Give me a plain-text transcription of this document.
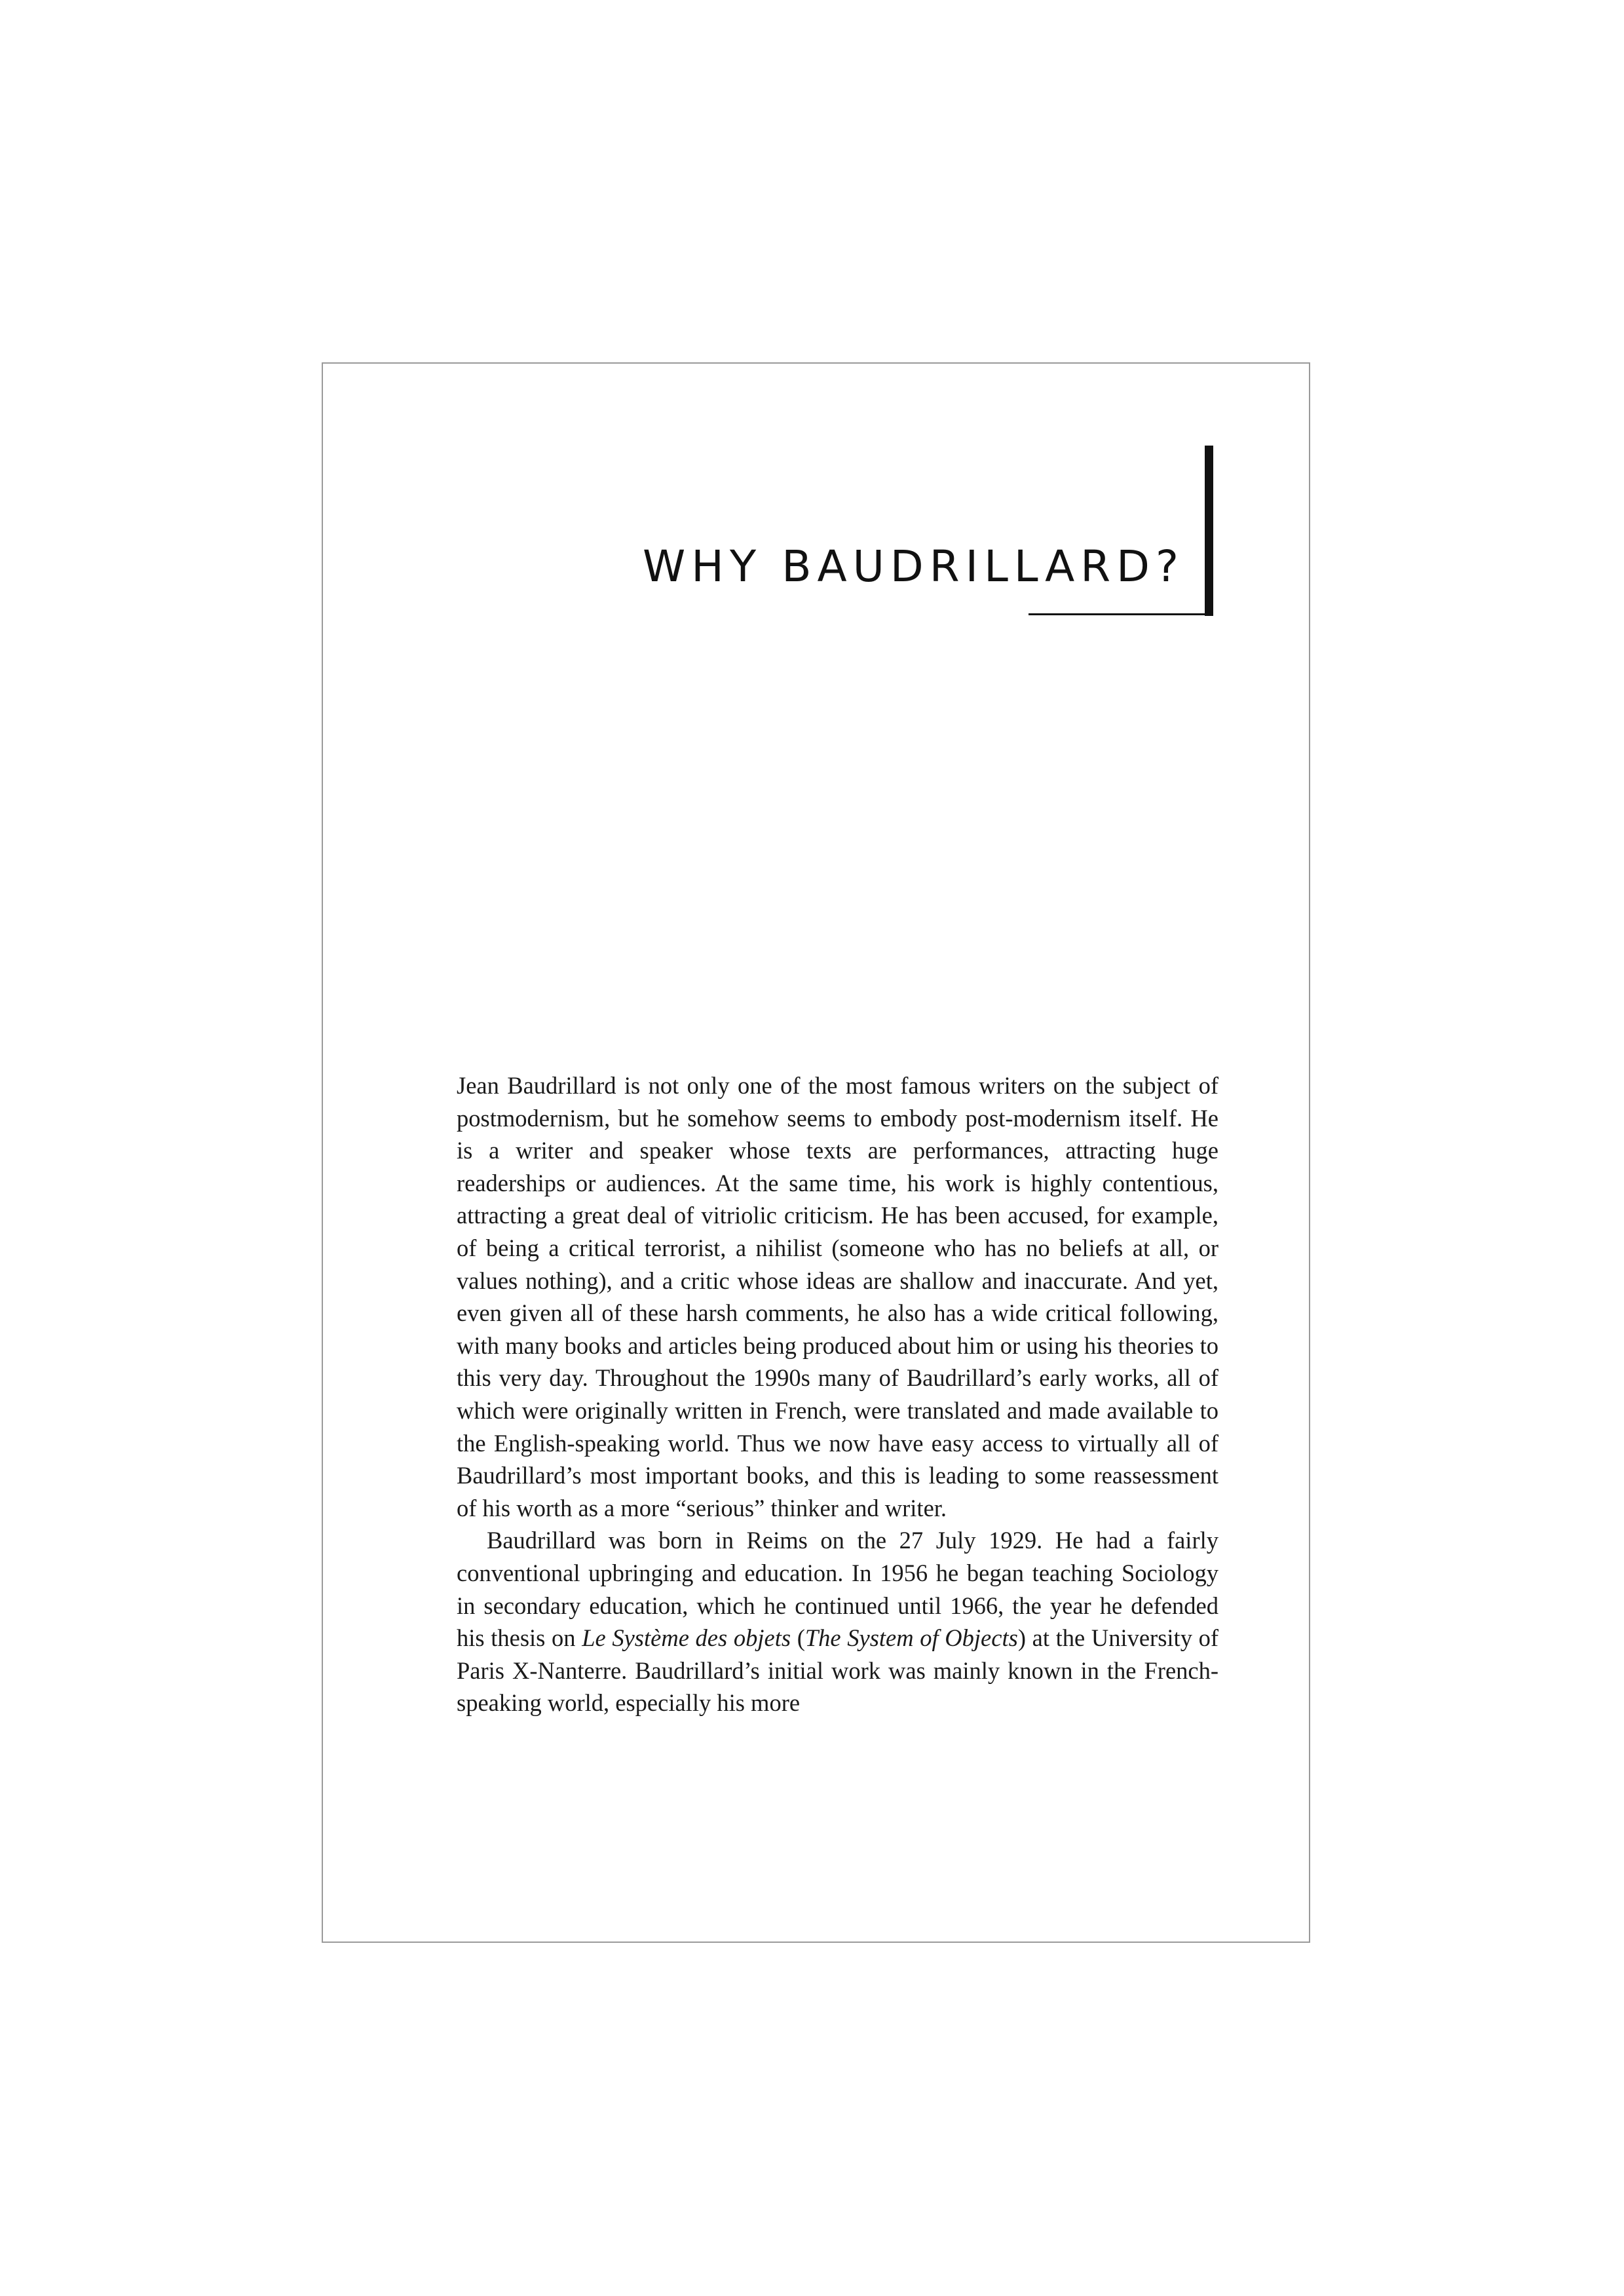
WHY BAUDRILLARD?

Jean Baudrillard is not only one of the most famous writers on the subject of postmodernism, but he somehow seems to embody post-modernism itself. He is a writer and speaker whose texts are performances, attracting huge readerships or audiences. At the same time, his work is highly contentious, attracting a great deal of vitriolic criticism. He has been accused, for example, of being a critical terrorist, a nihilist (someone who has no beliefs at all, or values nothing), and a critic whose ideas are shallow and inaccurate. And yet, even given all of these harsh comments, he also has a wide critical following, with many books and articles being produced about him or using his theories to this very day. Throughout the 1990s many of Baudrillard’s early works, all of which were originally written in French, were translated and made available to the English-speaking world. Thus we now have easy access to virtually all of Baudrillard’s most important books, and this is leading to some reassessment of his worth as a more “serious” thinker and writer.

Baudrillard was born in Reims on the 27 July 1929. He had a fairly conventional upbringing and education. In 1956 he began teaching Sociology in secondary education, which he continued until 1966, the year he defended his thesis on Le Système des objets (The System of Objects) at the University of Paris X-Nanterre. Baudrillard’s initial work was mainly known in the French-speaking world, especially his more
